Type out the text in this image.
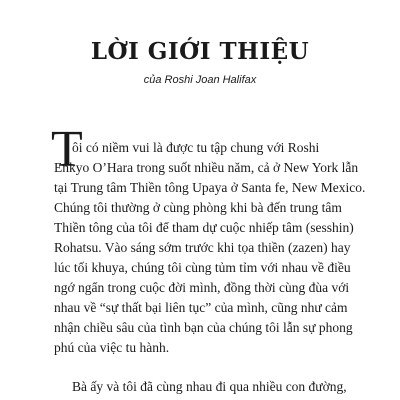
LỜI GIỚI THIỆU

của Roshi Joan Halifax

T
ôi có niềm vui là được tu tập chung với Roshi
Enkyo O’Hara trong suốt nhiều năm, cả ở New York lẫn
tại Trung tâm Thiền tông Upaya ở Santa fe, New Mexico.
Chúng tôi thường ở cùng phòng khi bà đến trung tâm
Thiền tông của tôi để tham dự cuộc nhiếp tâm (sesshin)
Rohatsu. Vào sáng sớm trước khi tọa thiền (zazen) hay
lúc tối khuya, chúng tôi cùng tủm tỉm với nhau về điều
ngớ ngẩn trong cuộc đời mình, đồng thời cùng đùa với
nhau về “sự thất bại liên tục” của mình, cũng như cảm
nhận chiều sâu của tình bạn của chúng tôi lẫn sự phong
phú của việc tu hành.
Bà ấy và tôi đã cùng nhau đi qua nhiều con đường,
